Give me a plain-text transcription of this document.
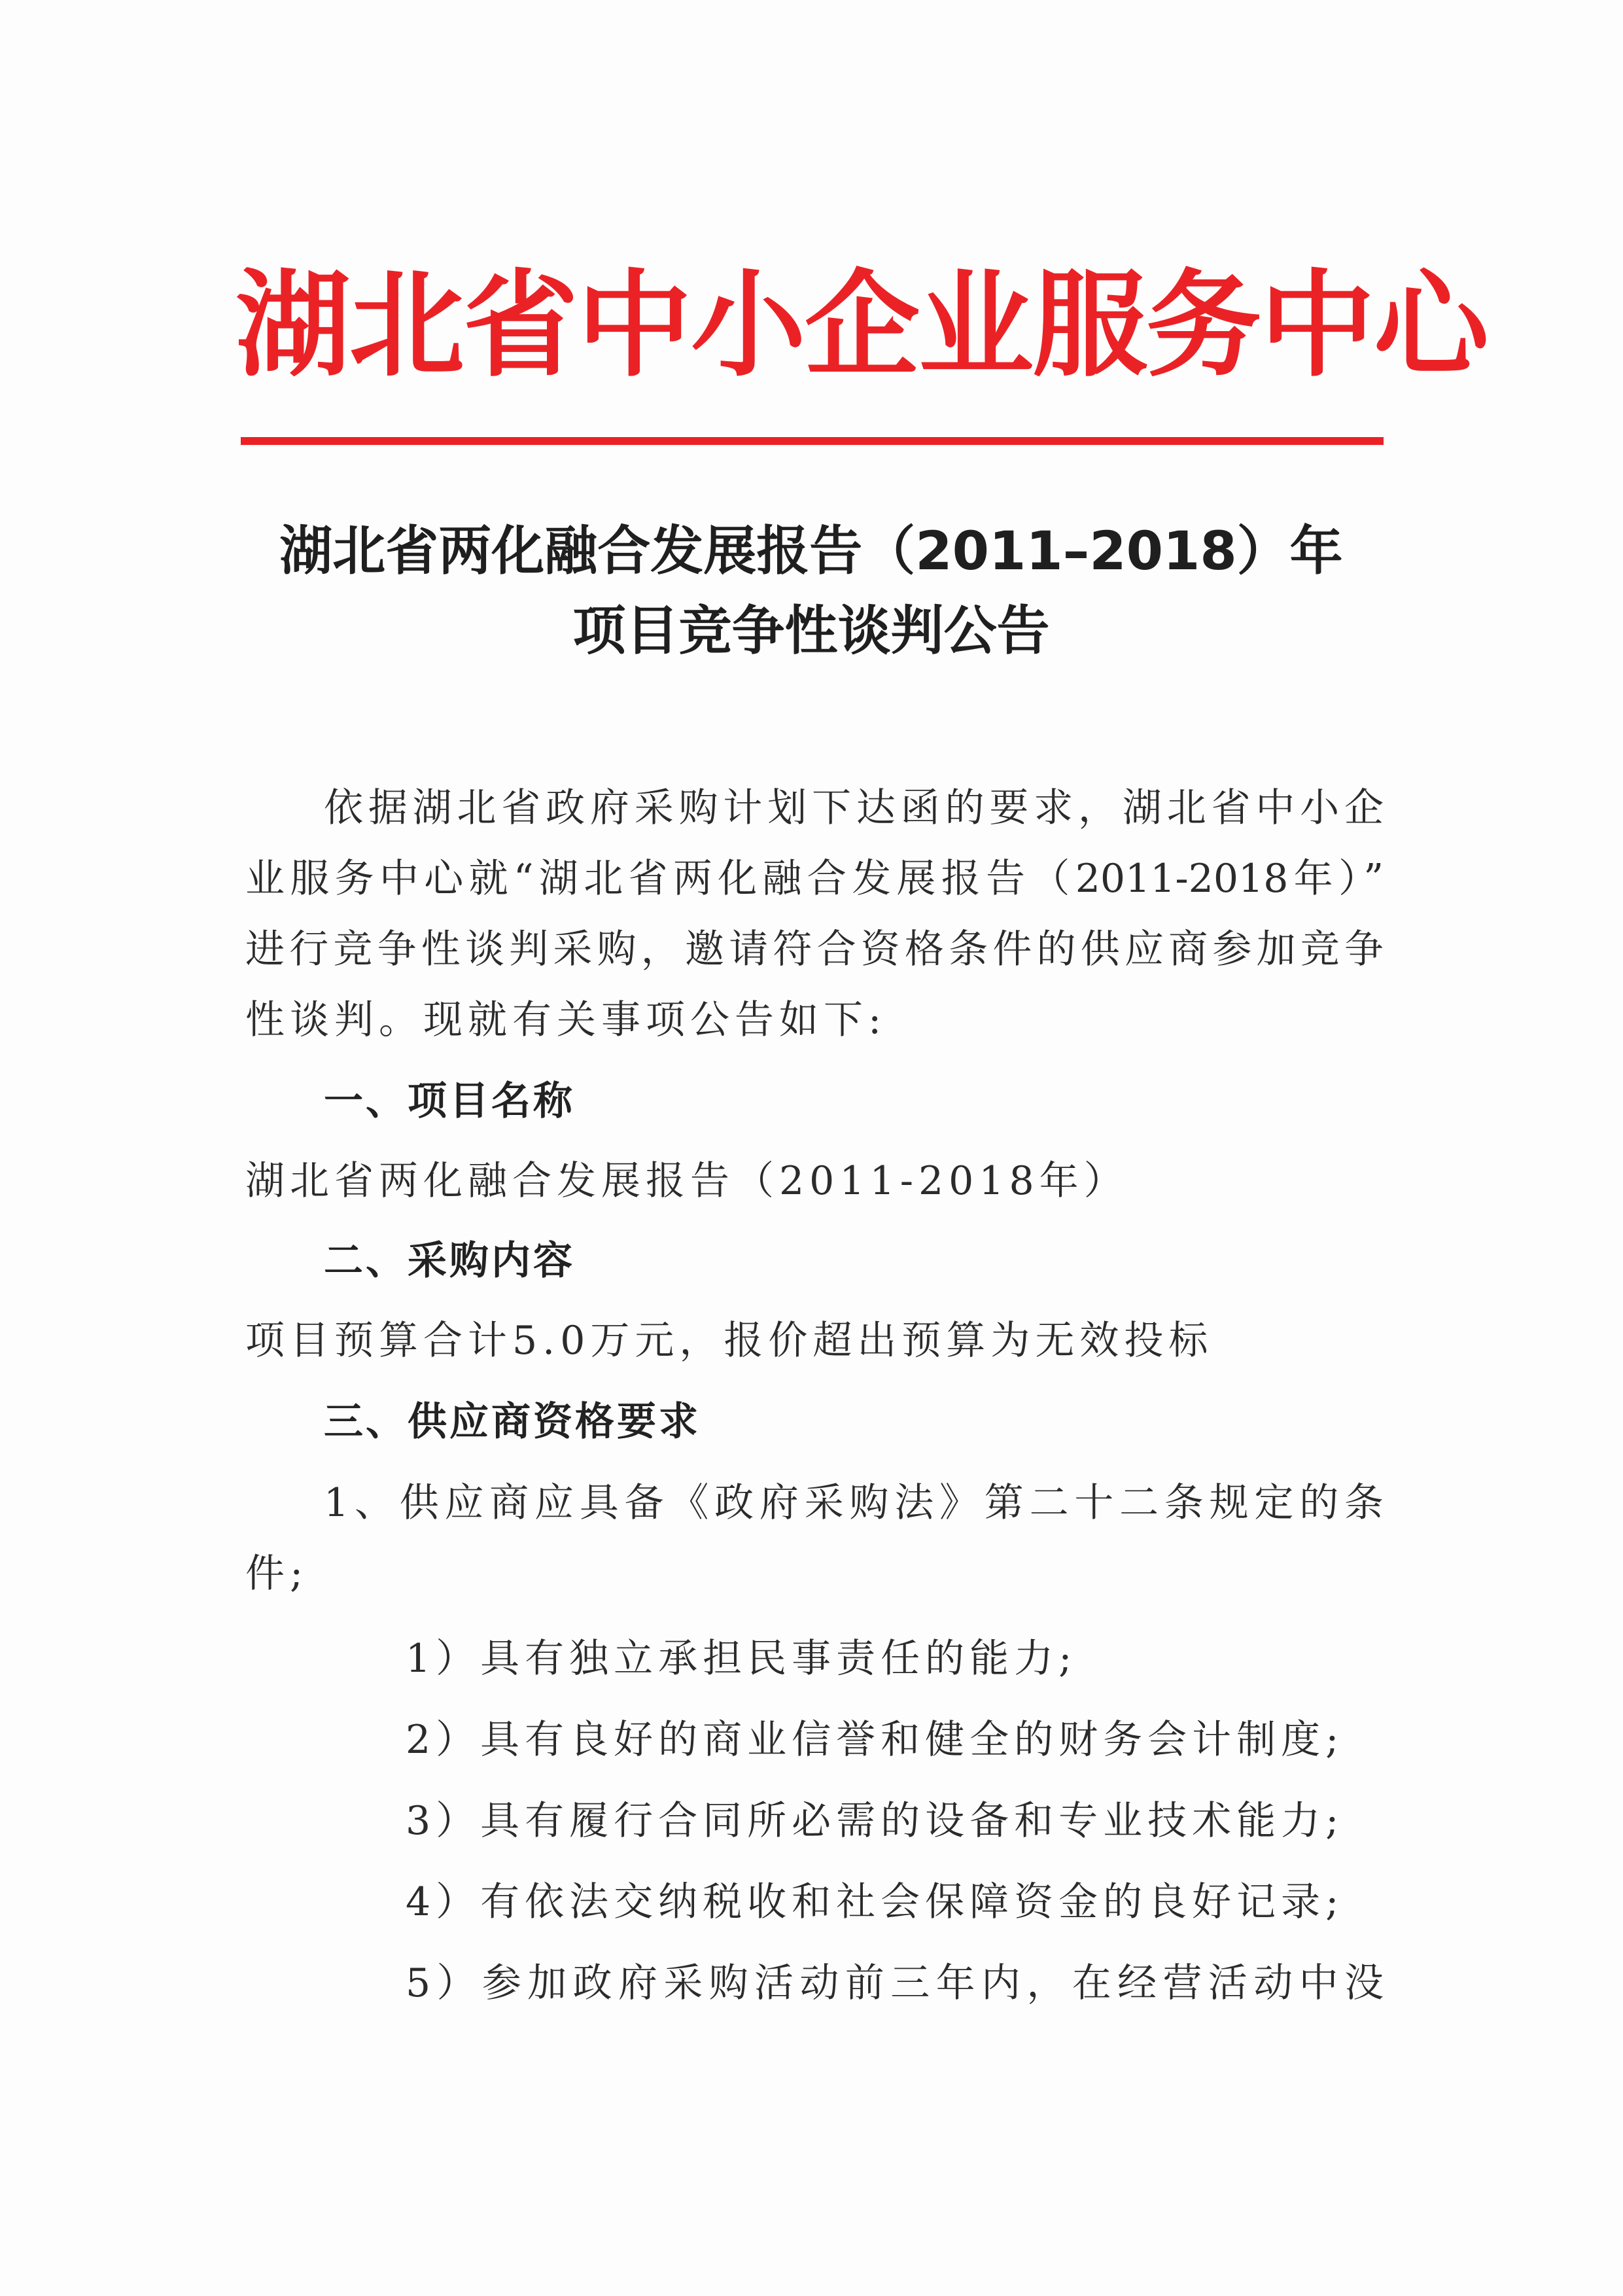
湖北省中小企业服务中心
湖北省两化融合发展报告（2011–2018）年
项目竞争性谈判公告
依据湖北省政府采购计划下达函的要求，湖北省中小企
业服务中心就“湖北省两化融合发展报告（2011-2018年）”
进行竞争性谈判采购，邀请符合资格条件的供应商参加竞争
性谈判。现就有关事项公告如下:
一、项目名称
湖北省两化融合发展报告（2011-2018年）
二、采购内容
项目预算合计5.0万元，报价超出预算为无效投标
三、供应商资格要求
1、供应商应具备《政府采购法》第二十二条规定的条
件;
1）具有独立承担民事责任的能力;
2）具有良好的商业信誉和健全的财务会计制度;
3）具有履行合同所必需的设备和专业技术能力;
4）有依法交纳税收和社会保障资金的良好记录;
5）参加政府采购活动前三年内，在经营活动中没
